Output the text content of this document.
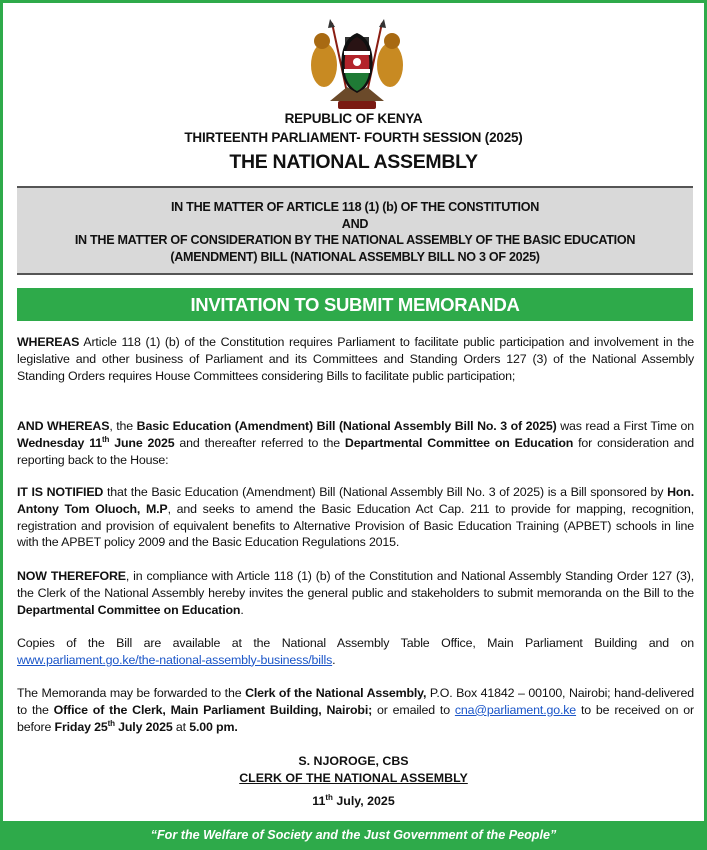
REPUBLIC OF KENYA
THIRTEENTH PARLIAMENT- FOURTH SESSION (2025)
THE NATIONAL ASSEMBLY
IN THE MATTER OF ARTICLE 118 (1) (b) OF THE CONSTITUTION
AND
IN THE MATTER OF CONSIDERATION BY THE NATIONAL ASSEMBLY OF THE BASIC EDUCATION
(AMENDMENT) BILL (NATIONAL ASSEMBLY BILL NO 3 OF 2025)
INVITATION TO SUBMIT MEMORANDA
WHEREAS Article 118 (1) (b) of the Constitution requires Parliament to facilitate public participation and involvement in the legislative and other business of Parliament and its Committees and Standing Orders 127 (3) of the National Assembly Standing Orders requires House Committees considering Bills to facilitate public participation;
AND WHEREAS, the Basic Education (Amendment) Bill (National Assembly Bill No. 3 of 2025) was read a First Time on Wednesday 11th June 2025 and thereafter referred to the Departmental Committee on Education for consideration and reporting back to the House:
IT IS NOTIFIED that the Basic Education (Amendment) Bill (National Assembly Bill No. 3 of 2025) is a Bill sponsored by Hon. Antony Tom Oluoch, M.P, and seeks to amend the Basic Education Act Cap. 211 to provide for mapping, recognition, registration and provision of equivalent benefits to Alternative Provision of Basic Education Training (APBET) schools in line with the APBET policy 2009 and the Basic Education Regulations 2015.
NOW THEREFORE, in compliance with Article 118 (1) (b) of the Constitution and National Assembly Standing Order 127 (3), the Clerk of the National Assembly hereby invites the general public and stakeholders to submit memoranda on the Bill to the Departmental Committee on Education.
Copies of the Bill are available at the National Assembly Table Office, Main Parliament Building and on www.parliament.go.ke/the-national-assembly-business/bills.
The Memoranda may be forwarded to the Clerk of the National Assembly, P.O. Box 41842 – 00100, Nairobi; hand-delivered to the Office of the Clerk, Main Parliament Building, Nairobi; or emailed to cna@parliament.go.ke to be received on or before Friday 25th July 2025 at 5.00 pm.
S. NJOROGE, CBS
CLERK OF THE NATIONAL ASSEMBLY
11th July, 2025
“For the Welfare of Society and the Just Government of the People”
